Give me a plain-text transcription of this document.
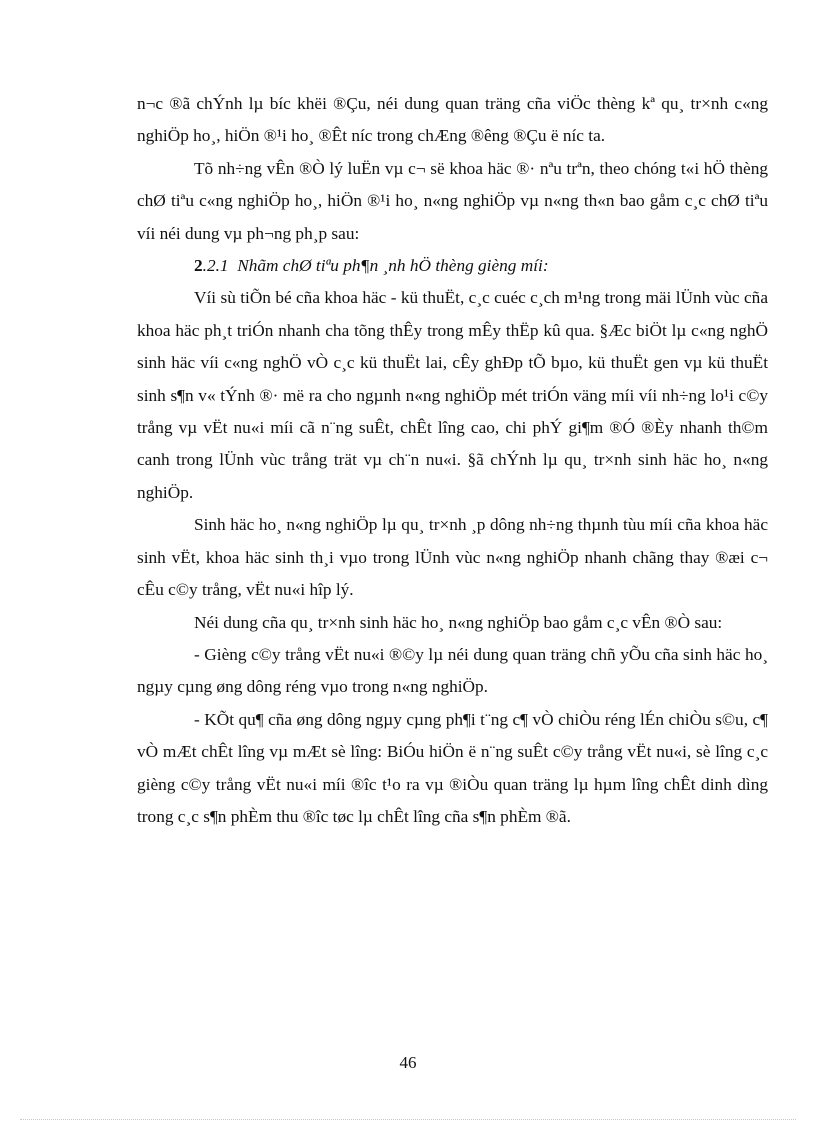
n¬c ®ã chÝnh lµ bíc khëi ®Çu, néi dung quan träng cña viÖc thèng kª qu¸ tr×nh c«ng nghiÖp ho¸, hiÖn ®¹i ho¸ ®Êt níc trong chÆng ®êng ®Çu ë níc ta.

Tõ nh÷ng vÊn ®Ò lý luËn vµ c¬ së khoa häc ®· nªu trªn, theo chóng t«i hÖ thèng chØ tiªu c«ng nghiÖp ho¸, hiÖn ®¹i ho¸ n«ng nghiÖp vµ n«ng th«n bao gåm c¸c chØ tiªu víi néi dung vµ ph¬ng ph¸p sau:

2.2.1 Nhãm chØ tiªu ph¶n ¸nh hÖ thèng gièng míi:

Víi sù tiÕn bé cña khoa häc - kü thuËt, c¸c cuéc c¸ch m¹ng trong mäi lÜnh vùc cña khoa häc ph¸t triÓn nhanh cha tõng thÊy trong mÊy thËp kû qua. §Æc biÖt lµ c«ng nghÖ sinh häc víi c«ng nghÖ vÒ c¸c kü thuËt lai, cÊy ghÐp tÕ bµo, kü thuËt gen vµ kü thuËt sinh s¶n v« tÝnh ®· më ra cho ngµnh n«ng nghiÖp mét triÓn väng míi víi nh÷ng lo¹i c©y trång vµ vËt nu«i míi cã n¨ng suÊt, chÊt lîng cao, chi phÝ gi¶m ®Ó ®Èy nhanh th©m canh trong lÜnh vùc trång trät vµ ch¨n nu«i. §ã chÝnh lµ qu¸ tr×nh sinh häc ho¸ n«ng nghiÖp.

Sinh häc ho¸ n«ng nghiÖp lµ qu¸ tr×nh ¸p dông nh÷ng thµnh tùu míi cña khoa häc sinh vËt, khoa häc sinh th¸i vµo trong lÜnh vùc n«ng nghiÖp nhanh chãng thay ®æi c¬ cÊu c©y trång, vËt nu«i hîp lý.

Néi dung cña qu¸ tr×nh sinh häc ho¸ n«ng nghiÖp bao gåm c¸c vÊn ®Ò sau:

- Gièng c©y trång vËt nu«i ®©y lµ néi dung quan träng chñ yÕu cña sinh häc ho¸ ngµy cµng øng dông réng vµo trong n«ng nghiÖp.

- KÕt qu¶ cña øng dông ngµy cµng ph¶i t¨ng c¶ vÒ chiÒu réng lÉn chiÒu s©u, c¶ vÒ mÆt chÊt lîng vµ mÆt sè lîng: BiÓu hiÖn ë n¨ng suÊt c©y trång vËt nu«i, sè lîng c¸c gièng c©y trång vËt nu«i míi ®îc t¹o ra vµ ®iÒu quan träng lµ hµm lîng chÊt dinh dìng trong c¸c s¶n phÈm thu ®îc tøc lµ chÊt lîng cña s¶n phÈm ®ã.

46
